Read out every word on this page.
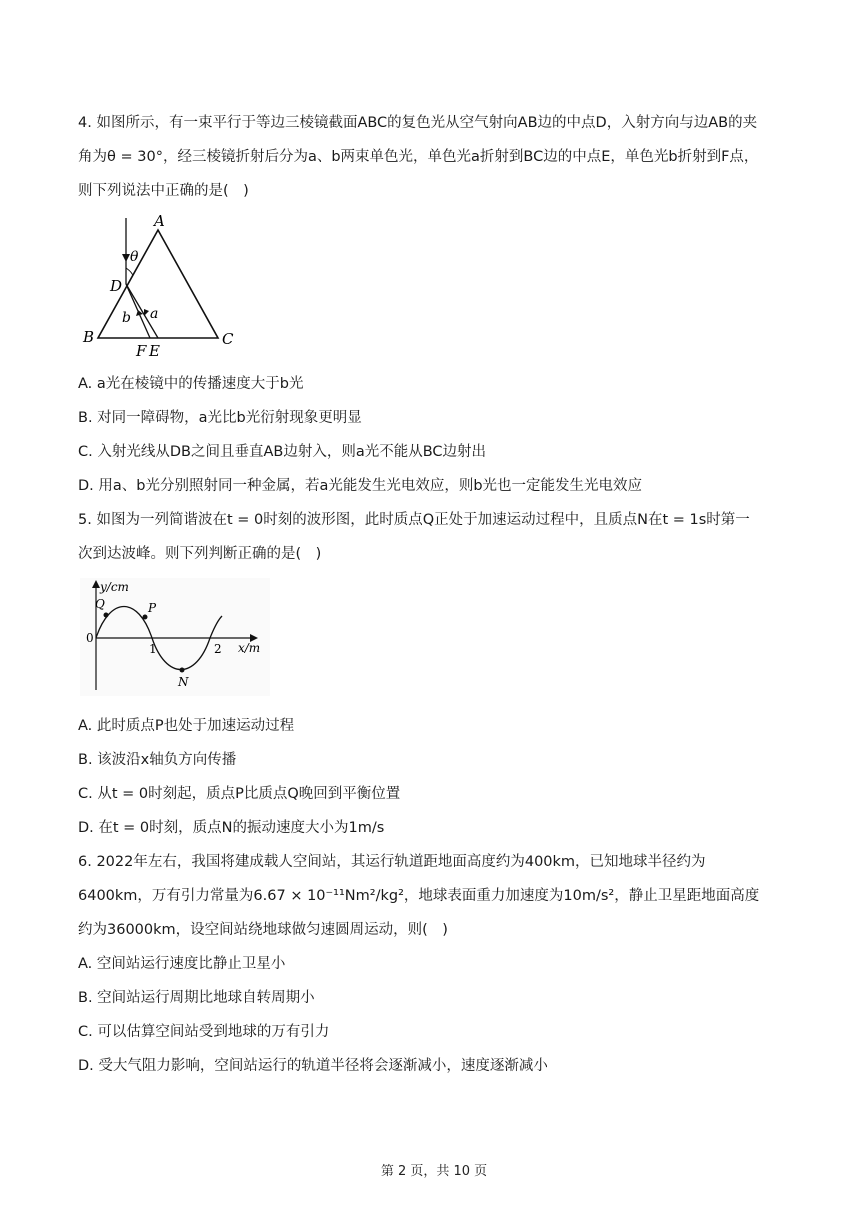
4. 如图所示，有一束平行于等边三棱镜截面ABC的复色光从空气射向AB边的中点D，入射方向与边AB的夹
角为θ = 30°，经三棱镜折射后分为a、b两束单色光，单色光a折射到BC边的中点E，单色光b折射到F点，
则下列说法中正确的是(　)
A
B	C
D
F E
θ
a
b
A. a光在棱镜中的传播速度大于b光
B. 对同一障碍物，a光比b光衍射现象更明显
C. 入射光线从DB之间且垂直AB边射入，则a光不能从BC边射出
D. 用a、b光分别照射同一种金属，若a光能发生光电效应，则b光也一定能发生光电效应
5. 如图为一列简谐波在t = 0时刻的波形图，此时质点Q正处于加速运动过程中，且质点N在t = 1s时第一
次到达波峰。则下列判断正确的是(　)
y/cm
x/m
0
1	2
Q	P
N
A. 此时质点P也处于加速运动过程
B. 该波沿x轴负方向传播
C. 从t = 0时刻起，质点P比质点Q晚回到平衡位置
D. 在t = 0时刻，质点N的振动速度大小为1m/s
6. 2022年左右，我国将建成载人空间站，其运行轨道距地面高度约为400km，已知地球半径约为
6400km，万有引力常量为6.67 × 10⁻¹¹Nm²/kg²，地球表面重力加速度为10m/s²，静止卫星距地面高度
约为36000km，设空间站绕地球做匀速圆周运动，则(　)
A. 空间站运行速度比静止卫星小
B. 空间站运行周期比地球自转周期小
C. 可以估算空间站受到地球的万有引力
D. 受大气阻力影响，空间站运行的轨道半径将会逐渐减小，速度逐渐减小
第 2 页，共 10 页
